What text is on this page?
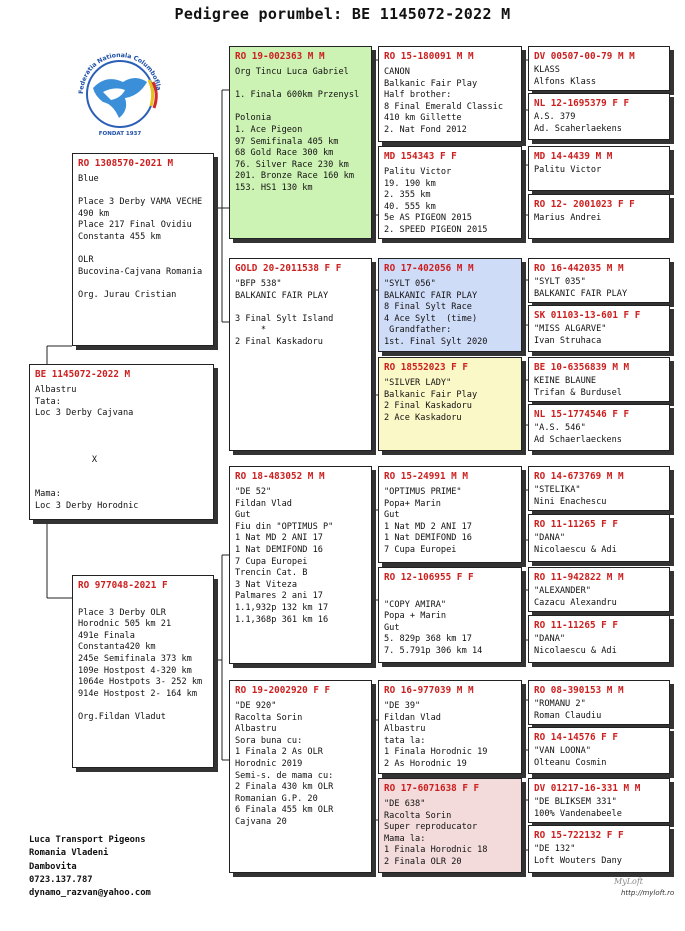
Pedigree porumbel: BE 1145072-2022 M
Federatia Nationala Columbofila
FONDAT 1937
BE 1145072-2022 M
Albastru
Tata:
Loc 3 Derby Cajvana

X

Mama:
Loc 3 Derby Horodnic
RO 1308570-2021 M
Blue

Place 3 Derby VAMA VECHE
490 km
Place 217 Final Ovidiu
Constanta 455 km

OLR
Bucovina-Cajvana Romania

Org. Jurau Cristian
RO 977048-2021 F

Place 3 Derby OLR
Horodnic 505 km 21
491e Finala
Constanta420 km
245e Semifinala 373 km
109e Hostpost 4-320 km
1064e Hostpots 3- 252 km
914e Hostpost 2- 164 km

Org.Fildan Vladut
RO 19-002363 M M
Org Tincu Luca Gabriel

1. Finala 600km Przenysl

Polonia
1. Ace Pigeon
97 Semifinala 405 km
68 Gold Race 300 km
76. Silver Race 230 km
201. Bronze Race 160 km
153. HS1 130 km
GOLD 20-2011538 F F
"BFP 538"
BALKANIC FAIR PLAY

3 Final Sylt Island
*
2 Final Kaskadoru
RO 18-483052 M M
"DE 52"
Fildan Vlad
Gut
Fiu din "OPTIMUS P"
1 Nat MD 2 ANI 17
1 Nat DEMIFOND 16
7 Cupa Europei
Trencin Cat. B
3 Nat Viteza
Palmares 2 ani 17
1.1,932p 132 km 17
1.1,368p 361 km 16
RO 19-2002920 F F
"DE 920"
Racolta Sorin
Albastru
Sora buna cu:
1 Finala 2 As OLR
Horodnic 2019
Semi-s. de mama cu:
2 Finala 430 km OLR
Romanian G.P. 20
6 Finala 455 km OLR
Cajvana 20
RO 15-180091 M M
CANON
Balkanic Fair Play
Half brother:
8 Final Emerald Classic
410 km Gillette
2. Nat Fond 2012
MD 154343 F F
Palitu Victor
19. 190 km
2. 355 km
40. 555 km
5e AS PIGEON 2015
2. SPEED PIGEON 2015
RO 17-402056 M M
"SYLT 056"
BALKANIC FAIR PLAY
8 Final Sylt Race
4 Ace Sylt  (time)
Grandfather:
1st. Final Sylt 2020
RO 18552023 F F
"SILVER LADY"
Balkanic Fair Play
2 Final Kaskadoru
2 Ace Kaskadoru
RO 15-24991 M M
"OPTIMUS PRIME"
Popa+ Marin
Gut
1 Nat MD 2 ANI 17
1 Nat DEMIFOND 16
7 Cupa Europei
RO 12-106955 F F

"COPY AMIRA"
Popa + Marin
Gut
5. 829p 368 km 17
7. 5.791p 306 km 14
RO 16-977039 M M
"DE 39"
Fildan Vlad
Albastru
tata la:
1 Finala Horodnic 19
2 As Horodnic 19
RO 17-6071638 F F
"DE 638"
Racolta Sorin
Super reproducator
Mama la:
1 Finala Horodnic 18
2 Finala OLR 20
DV 00507-00-79 M M
KLASS
Alfons Klass
NL 12-1695379 F F
A.S. 379
Ad. Scaherlaekens
MD 14-4439 M M
Palitu Victor
RO 12- 2001023 F F
Marius Andrei
RO 16-442035 M M
"SYLT 035"
BALKANIC FAIR PLAY
SK 01103-13-601 F F
"MISS ALGARVE"
Ivan Struhaca
BE 10-6356839 M M
KEINE BLAUNE
Trifan & Burdusel
NL 15-1774546 F F
"A.S. 546"
Ad Schaerlaeckens
RO 14-673769 M M
"STELIKA"
Nini Enachescu
RO 11-11265 F F
"DANA"
Nicolaescu & Adi
RO 11-942822 M M
"ALEXANDER"
Cazacu Alexandru
RO 11-11265 F F
"DANA"
Nicolaescu & Adi
RO 08-390153 M M
"ROMANU 2"
Roman Claudiu
RO 14-14576 F F
"VAN LOONA"
Olteanu Cosmin
DV 01217-16-331 M M
"DE BLIKSEM 331"
100% Vandenabeele
RO 15-722132 F F
"DE 132"
Loft Wouters Dany
Luca Transport Pigeons
Romania Vladeni
Dambovita
0723.137.787
dynamo_razvan@yahoo.com
MyLoft
http://myloft.ro
